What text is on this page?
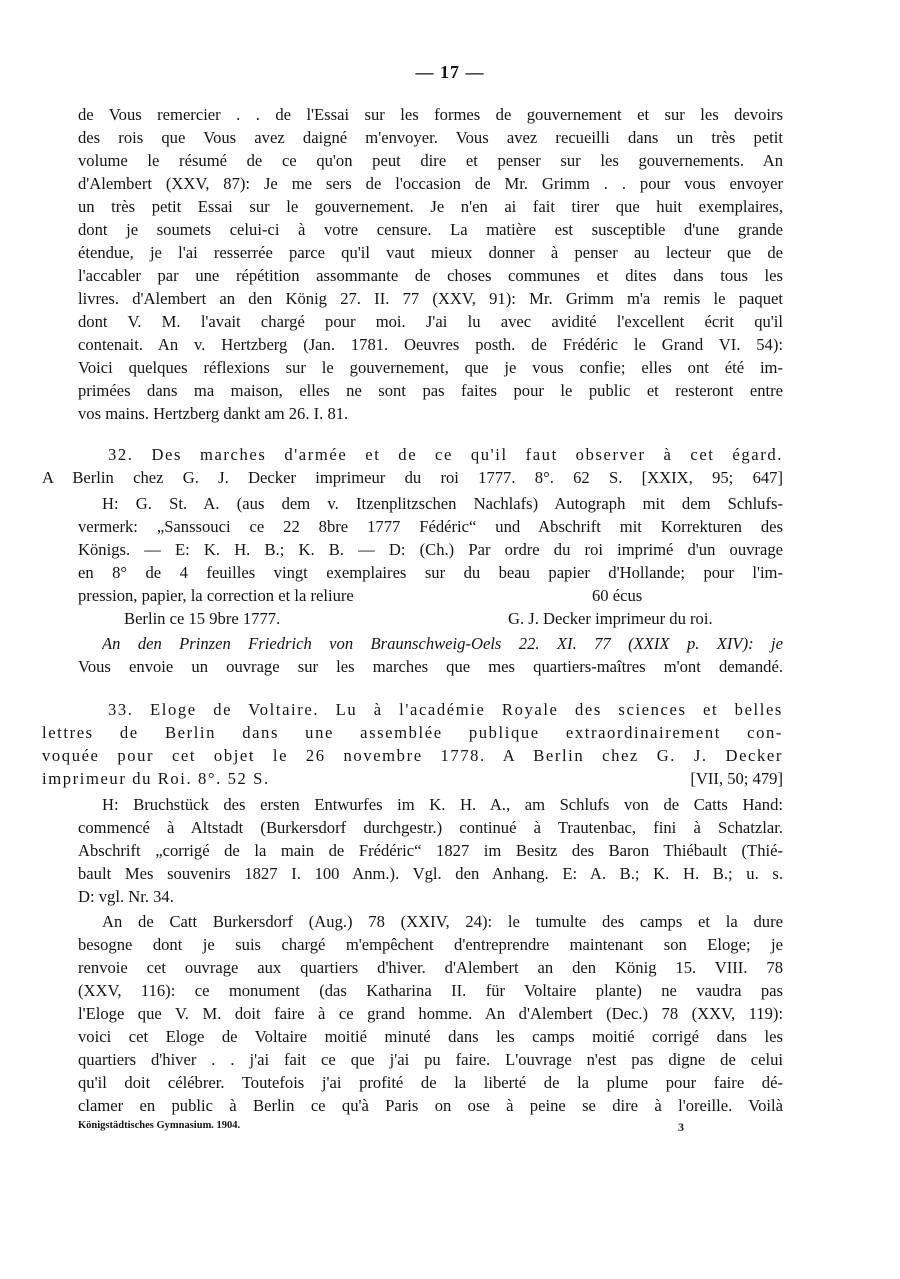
— 17 —
de Vous remercier . . de l'Essai sur les formes de gouvernement et sur les devoirs
des rois que Vous avez daigné m'envoyer. Vous avez recueilli dans un très petit
volume le résumé de ce qu'on peut dire et penser sur les gouvernements. An
d'Alembert (XXV, 87): Je me sers de l'occasion de Mr. Grimm . . pour vous envoyer
un très petit Essai sur le gouvernement. Je n'en ai fait tirer que huit exemplaires,
dont je soumets celui-ci à votre censure. La matière est susceptible d'une grande
étendue, je l'ai resserrée parce qu'il vaut mieux donner à penser au lecteur que de
l'accabler par une répétition assommante de choses communes et dites dans tous les
livres. d'Alembert an den König 27. II. 77 (XXV, 91): Mr. Grimm m'a remis le paquet
dont V. M. l'avait chargé pour moi. J'ai lu avec avidité l'excellent écrit qu'il
contenait. An v. Hertzberg (Jan. 1781. Oeuvres posth. de Frédéric le Grand VI. 54):
Voici quelques réflexions sur le gouvernement, que je vous confie; elles ont été im-
primées dans ma maison, elles ne sont pas faites pour le public et resteront entre
vos mains. Hertzberg dankt am 26. I. 81.
32. Des marches d'armée et de ce qu'il faut observer à cet égard.
A Berlin chez G. J. Decker imprimeur du roi 1777. 8°. 62 S. [XXIX, 95; 647]
H: G. St. A. (aus dem v. Itzenplitzschen Nachlafs) Autograph mit dem Schlufs-
vermerk: „Sanssouci ce 22 8bre 1777 Fédéric“ und Abschrift mit Korrekturen des
Königs. — E: K. H. B.; K. B. — D: (Ch.) Par ordre du roi imprimé d'un ouvrage
en 8° de 4 feuilles vingt exemplaires sur du beau papier d'Hollande; pour l'im-
pression, papier, la correction et la reliure	60 écus
Berlin ce 15 9bre 1777.	G. J. Decker imprimeur du roi.
An den Prinzen Friedrich von Braunschweig-Oels 22. XI. 77 (XXIX p. XIV): je
Vous envoie un ouvrage sur les marches que mes quartiers-maîtres m'ont demandé.
33. Eloge de Voltaire. Lu à l'académie Royale des sciences et belles
lettres de Berlin dans une assemblée publique extraordinairement con-
voquée pour cet objet le 26 novembre 1778. A Berlin chez G. J. Decker
imprimeur du Roi. 8°. 52 S.	[VII, 50; 479]
H: Bruchstück des ersten Entwurfes im K. H. A., am Schlufs von de Catts Hand:
commencé à Altstadt (Burkersdorf durchgestr.) continué à Trautenbac, fini à Schatzlar.
Abschrift „corrigé de la main de Frédéric“ 1827 im Besitz des Baron Thiébault (Thié-
bault Mes souvenirs 1827 I. 100 Anm.). Vgl. den Anhang. E: A. B.; K. H. B.; u. s.
D: vgl. Nr. 34.
An de Catt Burkersdorf (Aug.) 78 (XXIV, 24): le tumulte des camps et la dure
besogne dont je suis chargé m'empêchent d'entreprendre maintenant son Eloge; je
renvoie cet ouvrage aux quartiers d'hiver. d'Alembert an den König 15. VIII. 78
(XXV, 116): ce monument (das Katharina II. für Voltaire plante) ne vaudra pas
l'Eloge que V. M. doit faire à ce grand homme. An d'Alembert (Dec.) 78 (XXV, 119):
voici cet Eloge de Voltaire moitié minuté dans les camps moitié corrigé dans les
quartiers d'hiver . . j'ai fait ce que j'ai pu faire. L'ouvrage n'est pas digne de celui
qu'il doit célébrer. Toutefois j'ai profité de la liberté de la plume pour faire dé-
clamer en public à Berlin ce qu'à Paris on ose à peine se dire à l'oreille. Voilà
Königstädtisches Gymnasium. 1904.	3
